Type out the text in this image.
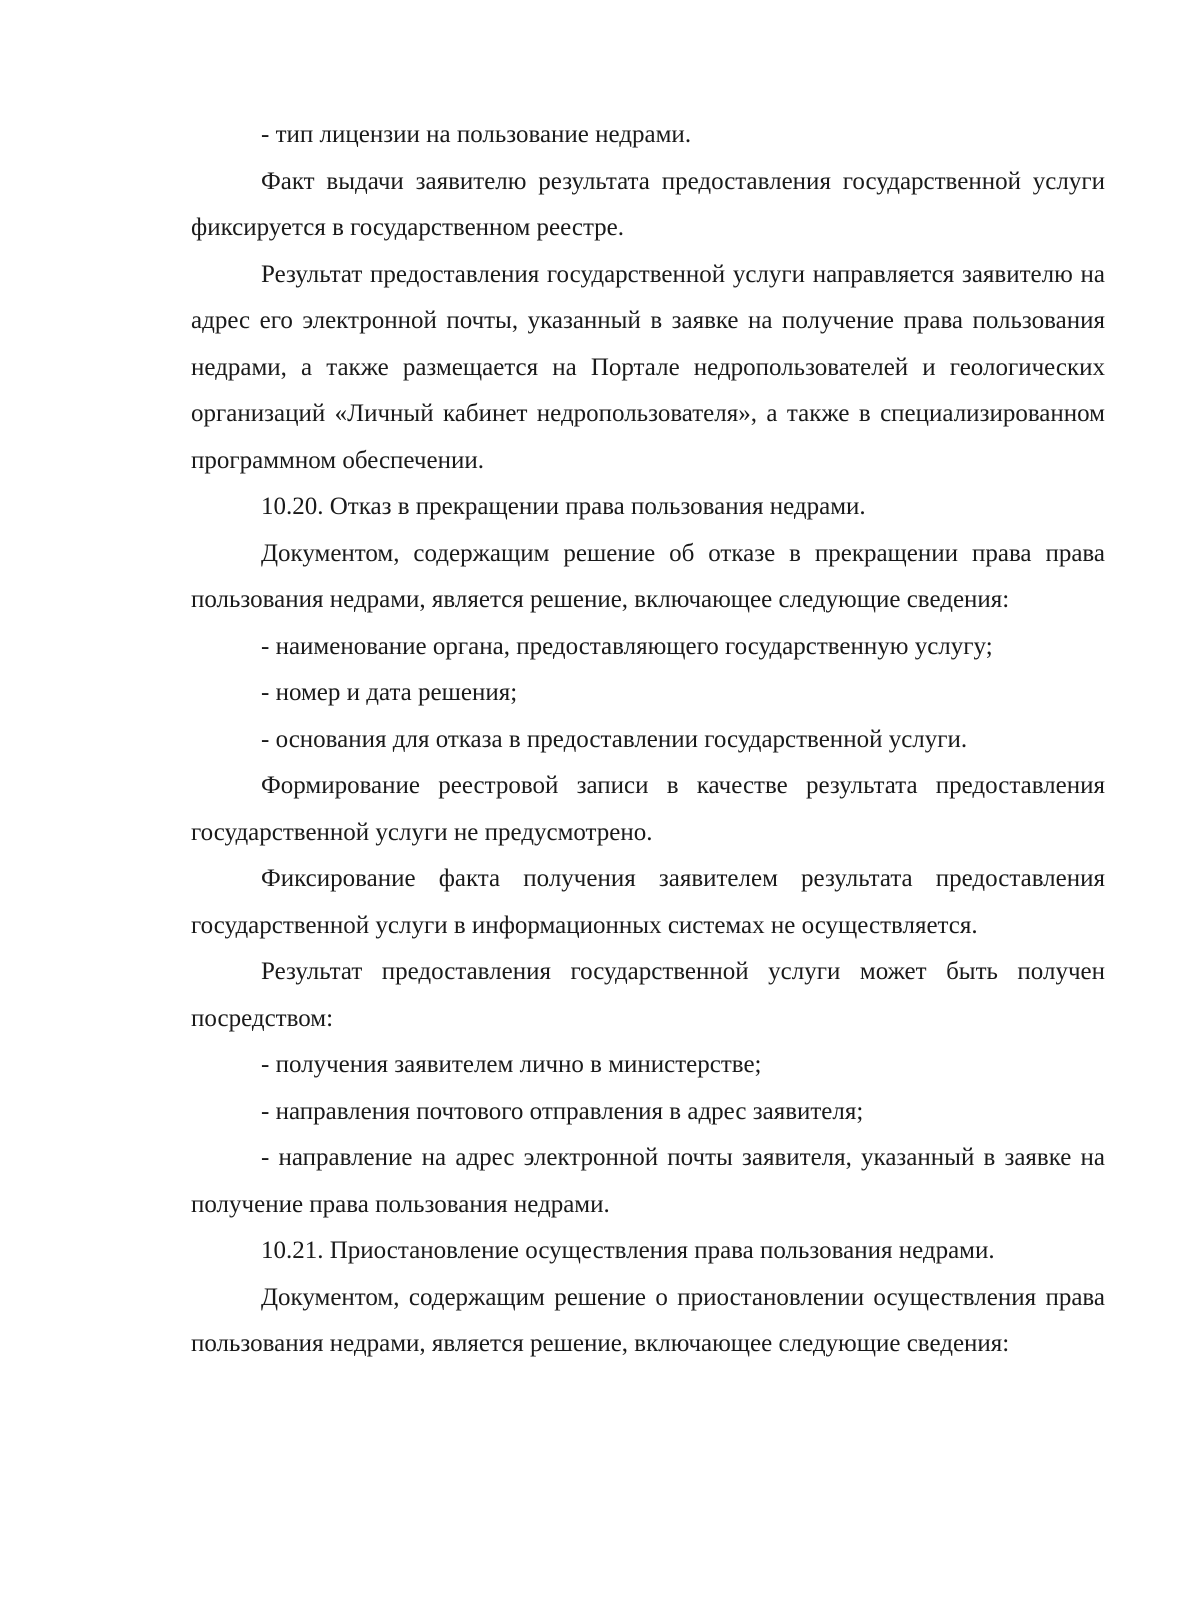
- тип лицензии на пользование недрами.

Факт выдачи заявителю результата предоставления государственной услуги фиксируется в государственном реестре.

Результат предоставления государственной услуги направляется заявителю на адрес его электронной почты, указанный в заявке на получение права пользования недрами, а также размещается на Портале недропользователей и геологических организаций «Личный кабинет недропользователя», а также в специализированном программном обеспечении.

10.20. Отказ в прекращении права пользования недрами.

Документом, содержащим решение об отказе в прекращении права права пользования недрами, является решение, включающее следующие сведения:

- наименование органа, предоставляющего государственную услугу;

- номер и дата решения;

- основания для отказа в предоставлении государственной услуги.

Формирование реестровой записи в качестве результата предоставления государственной услуги не предусмотрено.

Фиксирование факта получения заявителем результата предоставления государственной услуги в информационных системах не осуществляется.

Результат предоставления государственной услуги может быть получен посредством:

- получения заявителем лично в министерстве;

- направления почтового отправления в адрес заявителя;

- направление на адрес электронной почты заявителя, указанный в заявке на получение права пользования недрами.

10.21. Приостановление осуществления права пользования недрами.

Документом, содержащим решение о приостановлении осуществления права пользования недрами, является решение, включающее следующие сведения:
